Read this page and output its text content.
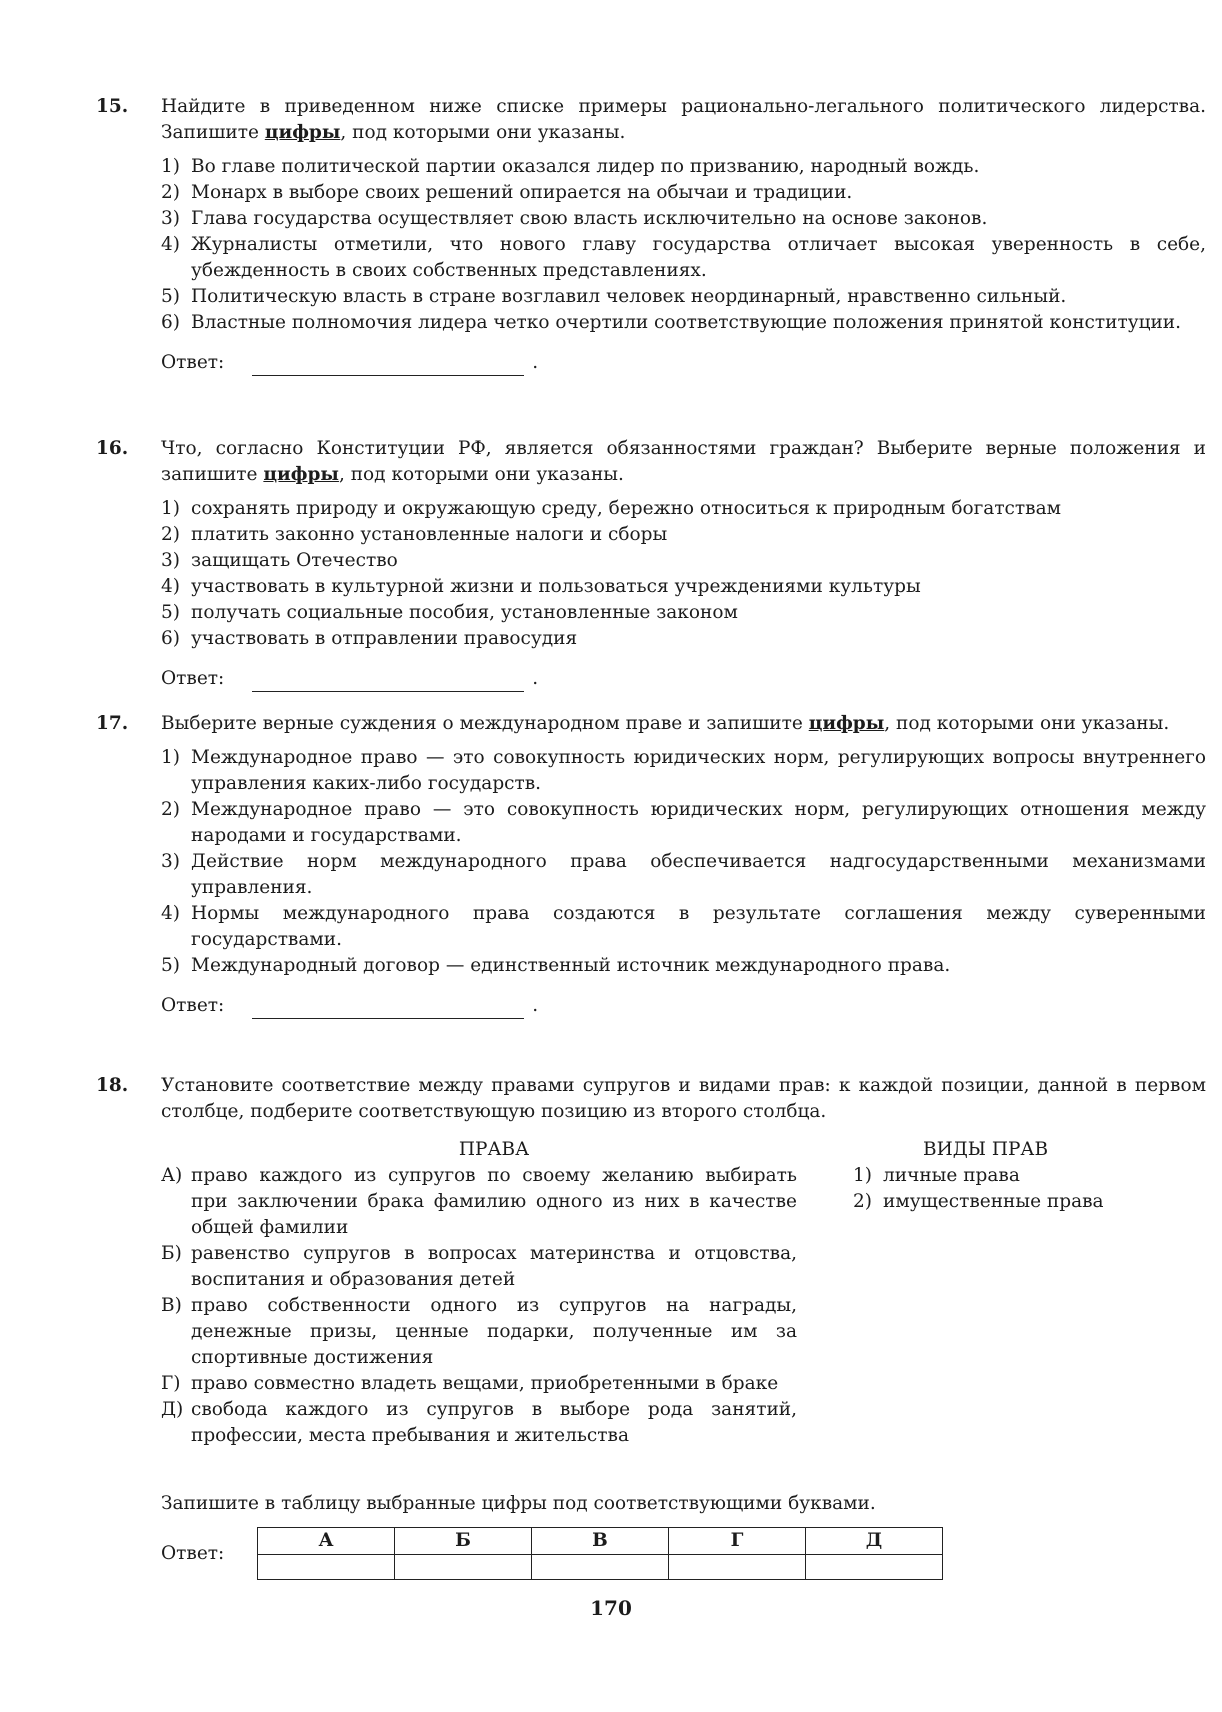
15. Найдите в приведенном ниже списке примеры рационально-легального политического лидерства. Запишите цифры, под которыми они указаны.

1) Во главе политической партии оказался лидер по призванию, народный вождь.
2) Монарх в выборе своих решений опирается на обычаи и традиции.
3) Глава государства осуществляет свою власть исключительно на основе законов.
4) Журналисты отметили, что нового главу государства отличает высокая уверенность в себе, убежденность в своих собственных представлениях.
5) Политическую власть в стране возглавил человек неординарный, нравственно сильный.
6) Властные полномочия лидера четко очертили соответствующие положения принятой конституции.
Ответ:	.
16. Что, согласно Конституции РФ, является обязанностями граждан? Выберите верные положения и запишите цифры, под которыми они указаны.

1) сохранять природу и окружающую среду, бережно относиться к природным богатствам
2) платить законно установленные налоги и сборы
3) защищать Отечество
4) участвовать в культурной жизни и пользоваться учреждениями культуры
5) получать социальные пособия, установленные законом
6) участвовать в отправлении правосудия
Ответ:	.
17. Выберите верные суждения о международном праве и запишите цифры, под которыми они указаны.

1) Международное право — это совокупность юридических норм, регулирующих вопросы внутреннего управления каких-либо государств.
2) Международное право — это совокупность юридических норм, регулирующих отношения между народами и государствами.
3) Действие норм международного права обеспечивается надгосударственными механизмами управления.
4) Нормы международного права создаются в результате соглашения между суверенными государствами.
5) Международный договор — единственный источник международного права.
Ответ:	.
18. Установите соответствие между правами супругов и видами прав: к каждой позиции, данной в первом столбце, подберите соответствующую позицию из второго столбца.

ПРАВА
А) право каждого из супругов по своему желанию выбирать при заключении брака фамилию одного из них в качестве общей фамилии
Б) равенство супругов в вопросах материнства и отцовства, воспитания и образования детей
В) право собственности одного из супругов на награды, денежные призы, ценные подарки, полученные им за спортивные достижения
Г) право совместно владеть вещами, приобретенными в браке
Д) свобода каждого из супругов в выборе рода занятий, профессии, места пребывания и жительства
ВИДЫ ПРАВ
1) личные права
2) имущественные права
Запишите в таблицу выбранные цифры под соответствующими буквами.
Ответ:
А	Б	В	Г	Д

170
